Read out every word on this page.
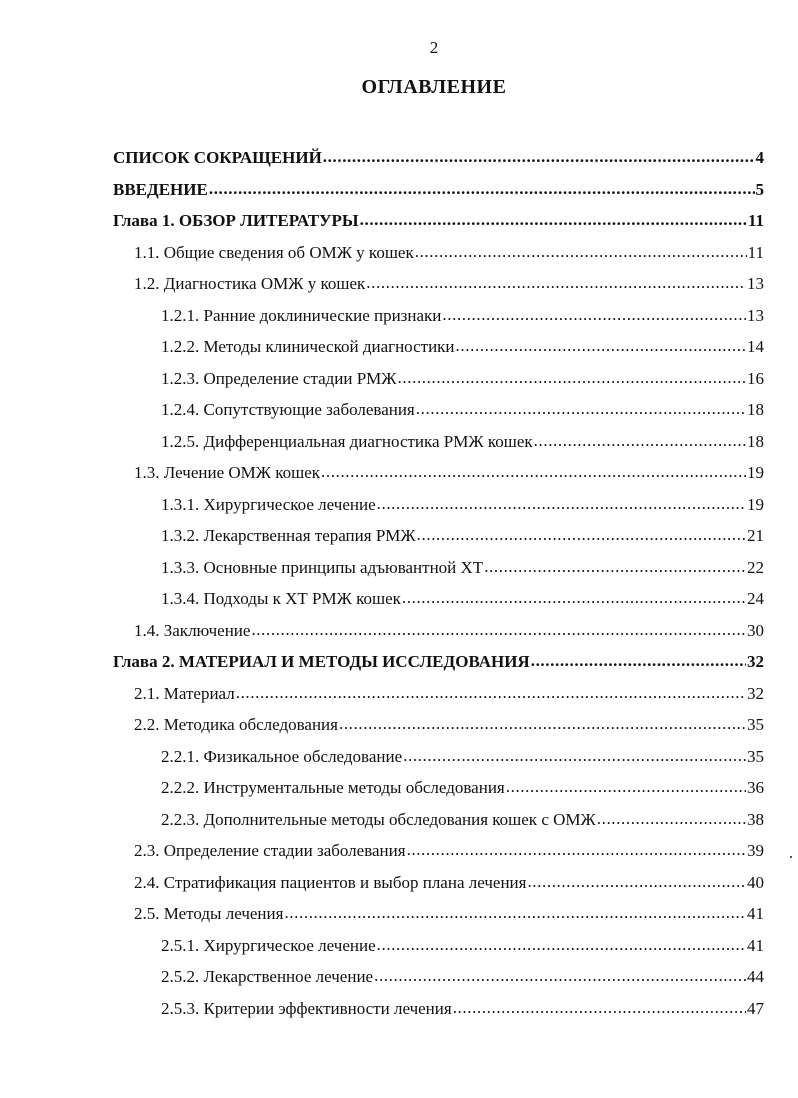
2
ОГЛАВЛЕНИЕ
СПИСОК СОКРАЩЕНИЙ .....	4
ВВЕДЕНИЕ .....	5
Глава 1. ОБЗОР ЛИТЕРАТУРЫ .....	11
1.1. Общие сведения об ОМЖ у кошек .....	11
1.2. Диагностика ОМЖ у кошек .....	13
1.2.1. Ранние доклинические признаки .....	13
1.2.2. Методы клинической диагностики .....	14
1.2.3. Определение стадии РМЖ .....	16
1.2.4. Сопутствующие заболевания .....	18
1.2.5. Дифференциальная диагностика РМЖ кошек .....	18
1.3. Лечение ОМЖ кошек .....	19
1.3.1. Хирургическое лечение .....	19
1.3.2. Лекарственная терапия РМЖ .....	21
1.3.3. Основные принципы адъювантной ХТ .....	22
1.3.4. Подходы к ХТ РМЖ кошек .....	24
1.4. Заключение .....	30
Глава 2. МАТЕРИАЛ И МЕТОДЫ ИССЛЕДОВАНИЯ .....	32
2.1. Материал .....	32
2.2. Методика обследования .....	35
2.2.1. Физикальное обследование .....	35
2.2.2. Инструментальные методы обследования .....	36
2.2.3. Дополнительные методы обследования кошек с ОМЖ .....	38
2.3. Определение стадии заболевания .....	39
2.4. Стратификация пациентов и выбор плана лечения .....	40
2.5. Методы лечения .....	41
2.5.1. Хирургическое лечение .....	41
2.5.2. Лекарственное лечение .....	44
2.5.3. Критерии эффективности лечения .....	47
